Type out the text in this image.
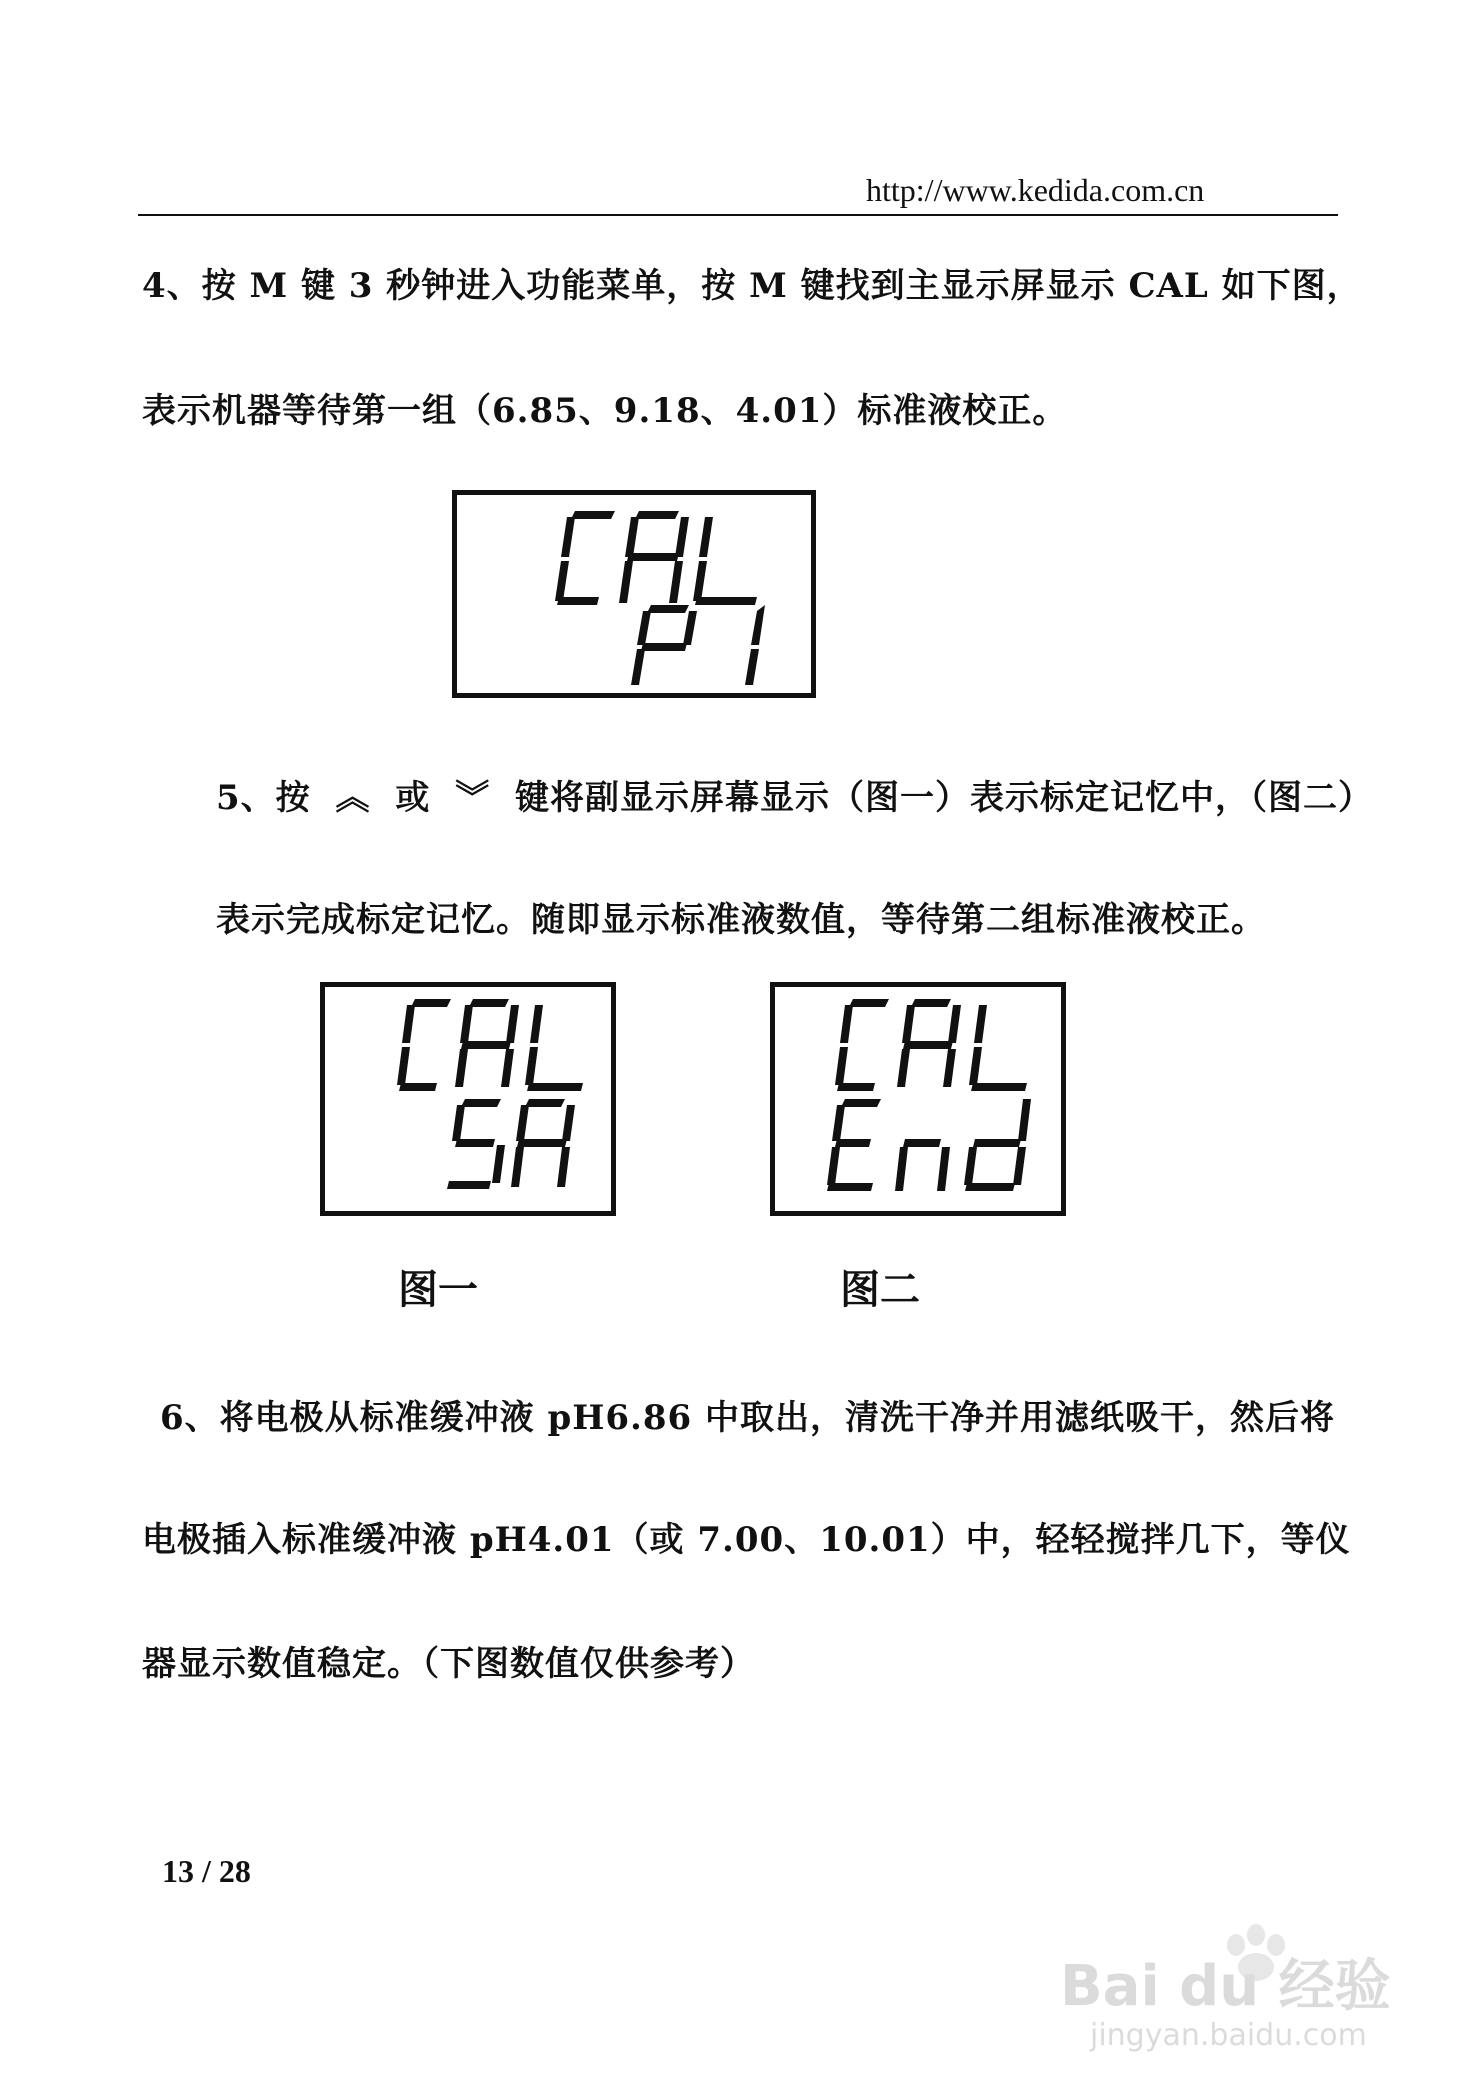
http://www.kedida.com.cn
4、按 M 键 3 秒钟进入功能菜单，按 M 键找到主显示屏显示 CAL 如下图，
表示机器等待第一组（6.85、9.18、4.01）标准液校正。
5、按 ︽ 或 ︾ 键将副显示屏幕显示（图一）表示标定记忆中，（图二）
表示完成标定记忆。随即显示标准液数值，等待第二组标准液校正。
图一	图二
6、将电极从标准缓冲液 pH6.86 中取出，清洗干净并用滤纸吸干，然后将
电极插入标准缓冲液 pH4.01（或 7.00、10.01）中，轻轻搅拌几下，等仪
器显示数值稳定。（下图数值仅供参考）
13 / 28
Bai du 经验
jingyan.baidu.com
